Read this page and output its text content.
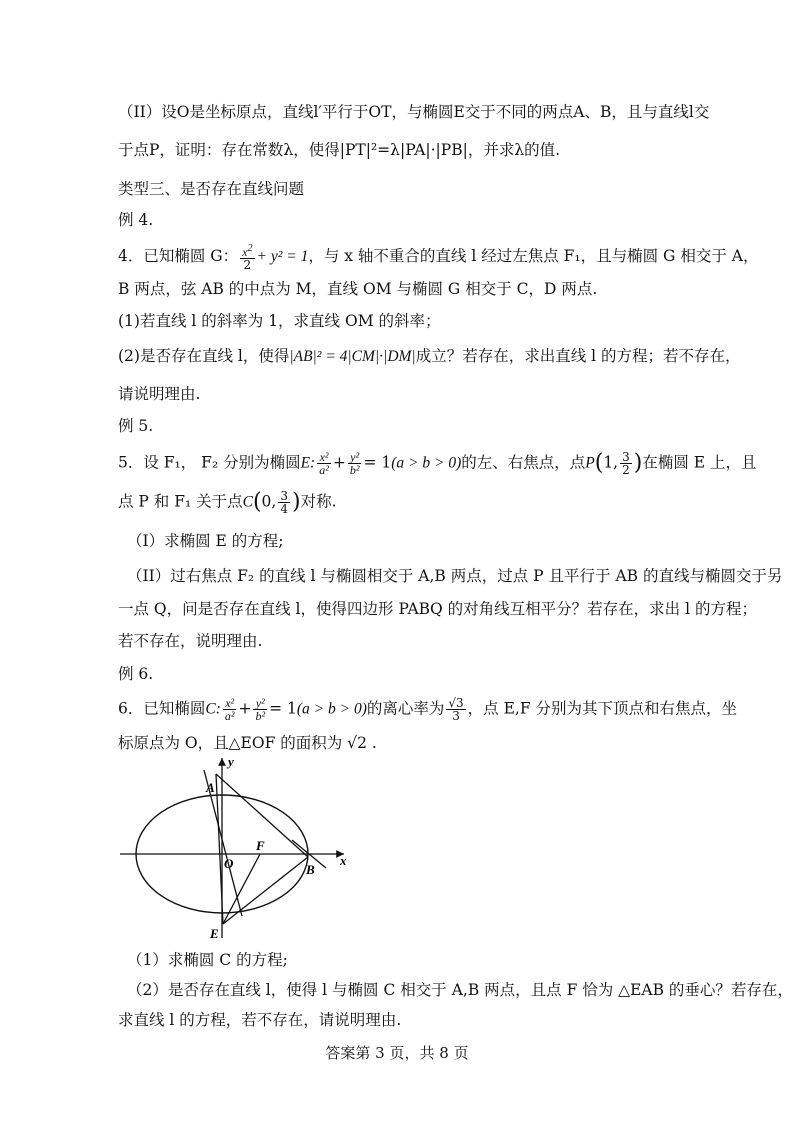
（II）设O是坐标原点，直线l′平行于OT，与椭圆E交于不同的两点A、B，且与直线l交
于点P，证明：存在常数λ，使得|PT|²=λ|PA|·|PB|，并求λ的值.
类型三、是否存在直线问题
例 4.
4．已知椭圆 G： $\frac{x^2}{2} + y^2 = 1$，与 x 轴不重合的直线 l 经过左焦点 F₁，且与椭圆 G 相交于 A，
B 两点，弦 AB 的中点为 M，直线 OM 与椭圆 G 相交于 C，D 两点.
(1)若直线 l 的斜率为 1，求直线 OM 的斜率；
(2)是否存在直线 l，使得|AB|² = 4|CM|·|DM|成立？若存在，求出直线 l 的方程；若不存在，
请说明理由.
例 5.
5．设 F₁， F₂ 分别为椭圆E: $\frac{\text{x²}}{\text{a²}} + \frac{\text{y²}}{\text{b²}} = 1(a > b > 0)$的左、右焦点，点P(1, $\frac{3}{2}$ )在椭圆 E 上，且
点 P 和 F₁ 关于点C(0, $\frac{3}{4}$ )对称.
（I）求椭圆 E 的方程;
（II）过右焦点 F₂ 的直线 l 与椭圆相交于 A,B 两点，过点 P 且平行于 AB 的直线与椭圆交于另
一点 Q，问是否存在直线 l，使得四边形 PABQ 的对角线互相平分？若存在，求出 l 的方程；
若不存在，说明理由.
例 6.
6．已知椭圆C: $\frac{\text{x²}}{\text{a²}} + \frac{\text{y²}}{\text{b²}} = 1(a > b > 0)$的离心率为 $\frac{√3}{3}$ ，点 E,F 分别为其下顶点和右焦点，坐
标原点为 O，且△EOF 的面积为 √2 .
y
x
A
O
F
B
E
（1）求椭圆 C 的方程;
（2）是否存在直线 l，使得 l 与椭圆 C 相交于 A,B 两点，且点 F 恰为 △EAB 的垂心？若存在，
求直线 l 的方程，若不存在，请说明理由.
答案第 3 页，共 8 页
